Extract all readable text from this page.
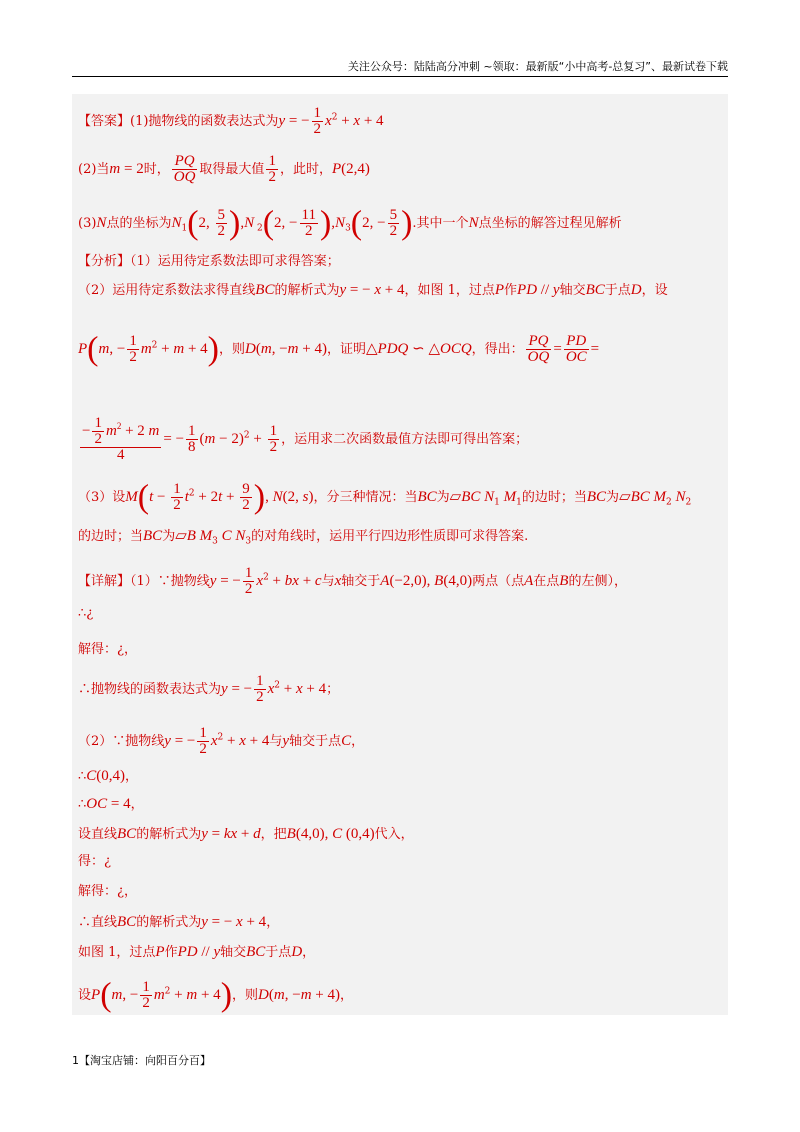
关注公众号：陆陆高分冲刺 ~领取：最新版“小中高考-总复习”、最新试卷下载
【答案】(1)抛物线的函数表达式为y = − $\frac{1}{2} x^2 + x + 4$
(2)当m = 2时， $\frac{PQ}{OQ}$ 取得最大值 $\frac{1}{2}$ ，此时，P(2,4)
(3)N点的坐标为$N_1(2$, $\frac{5}{2} ),N$ $_2$(2, − $\frac{11}{2} ),N_3(2$, − $\frac{5}{2}$ ).其中一个N点坐标的解答过程见解析
【分析】（1）运用待定系数法即可求得答案；
（2）运用待定系数法求得直线BC的解析式为y = − x + 4，如图 1，过点P作PD // y轴交BC于点D，设
P(m, − $\frac{1}{2} m^2 + m + 4$)，则D(m, −m + 4)，证明△PDQ ∽ △OCQ，得出： $\frac{PQ}{OQ} = \frac{PD}{OC}$ =
$\frac{- \frac{1}{2} m^2 + 2 m}{4}$ = − $\frac{1}{8} (m - 2)^2 + \frac{1}{2}$ ，运用求二次函数最值方法即可得出答案；
（3）设$M(t - \frac{1}{2} t^2 + 2t + \frac{9}{2}$ ), N(2, s)，分三种情况：当BC为▱BC $N_1$ $M_1$的边时；当BC为▱BC $M_2$ $N_2$
的边时；当BC为▱B $M_3$ C $N_3$的对角线时，运用平行四边形性质即可求得答案.
【详解】（1）∵抛物线y = − $\frac{1}{2} x^2$ + bx + c与x轴交于A(−2,0), B(4,0)两点（点A在点B的左侧），
∴¿
解得：¿，
∴抛物线的函数表达式为y = − $\frac{1}{2} x^2 + x + 4$；
（2）∵抛物线y = − $\frac{1}{2} x^2 + x + 4$与y轴交于点C，
∴C(0,4)，
∴OC = 4，
设直线BC的解析式为y = kx + d，把B(4,0), C (0,4)代入，
得：¿
解得：¿，
∴直线BC的解析式为y = − x + 4，
如图 1，过点P作PD // y轴交BC于点D，
设P(m, − $\frac{1}{2} m^2 + m + 4$)，则D(m, −m + 4)，
1【淘宝店铺：向阳百分百】
